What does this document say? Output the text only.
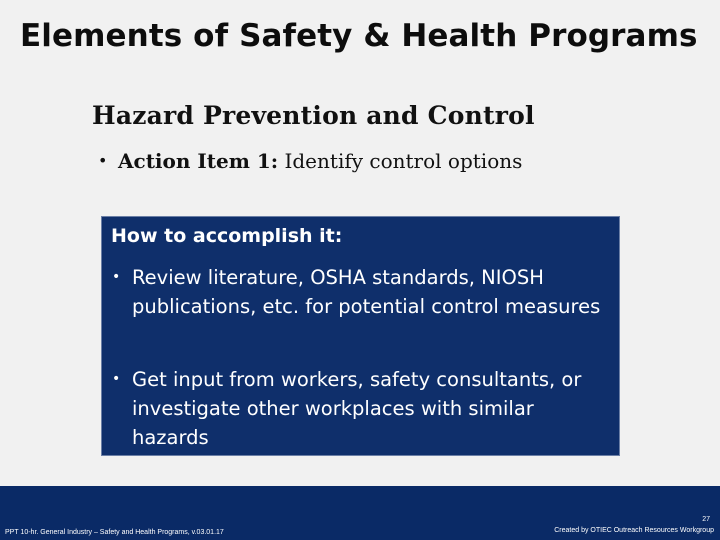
Elements of Safety & Health Programs
Hazard Prevention and Control
• Action Item 1: Identify control options
How to accomplish it:
• Review literature, OSHA standards, NIOSH publications, etc. for potential control measures
• Get input from workers, safety consultants, or investigate other workplaces with similar hazards
27
PPT 10-hr. General Industry – Safety and Health Programs, v.03.01.17	Created by OTIEC Outreach Resources Workgroup
